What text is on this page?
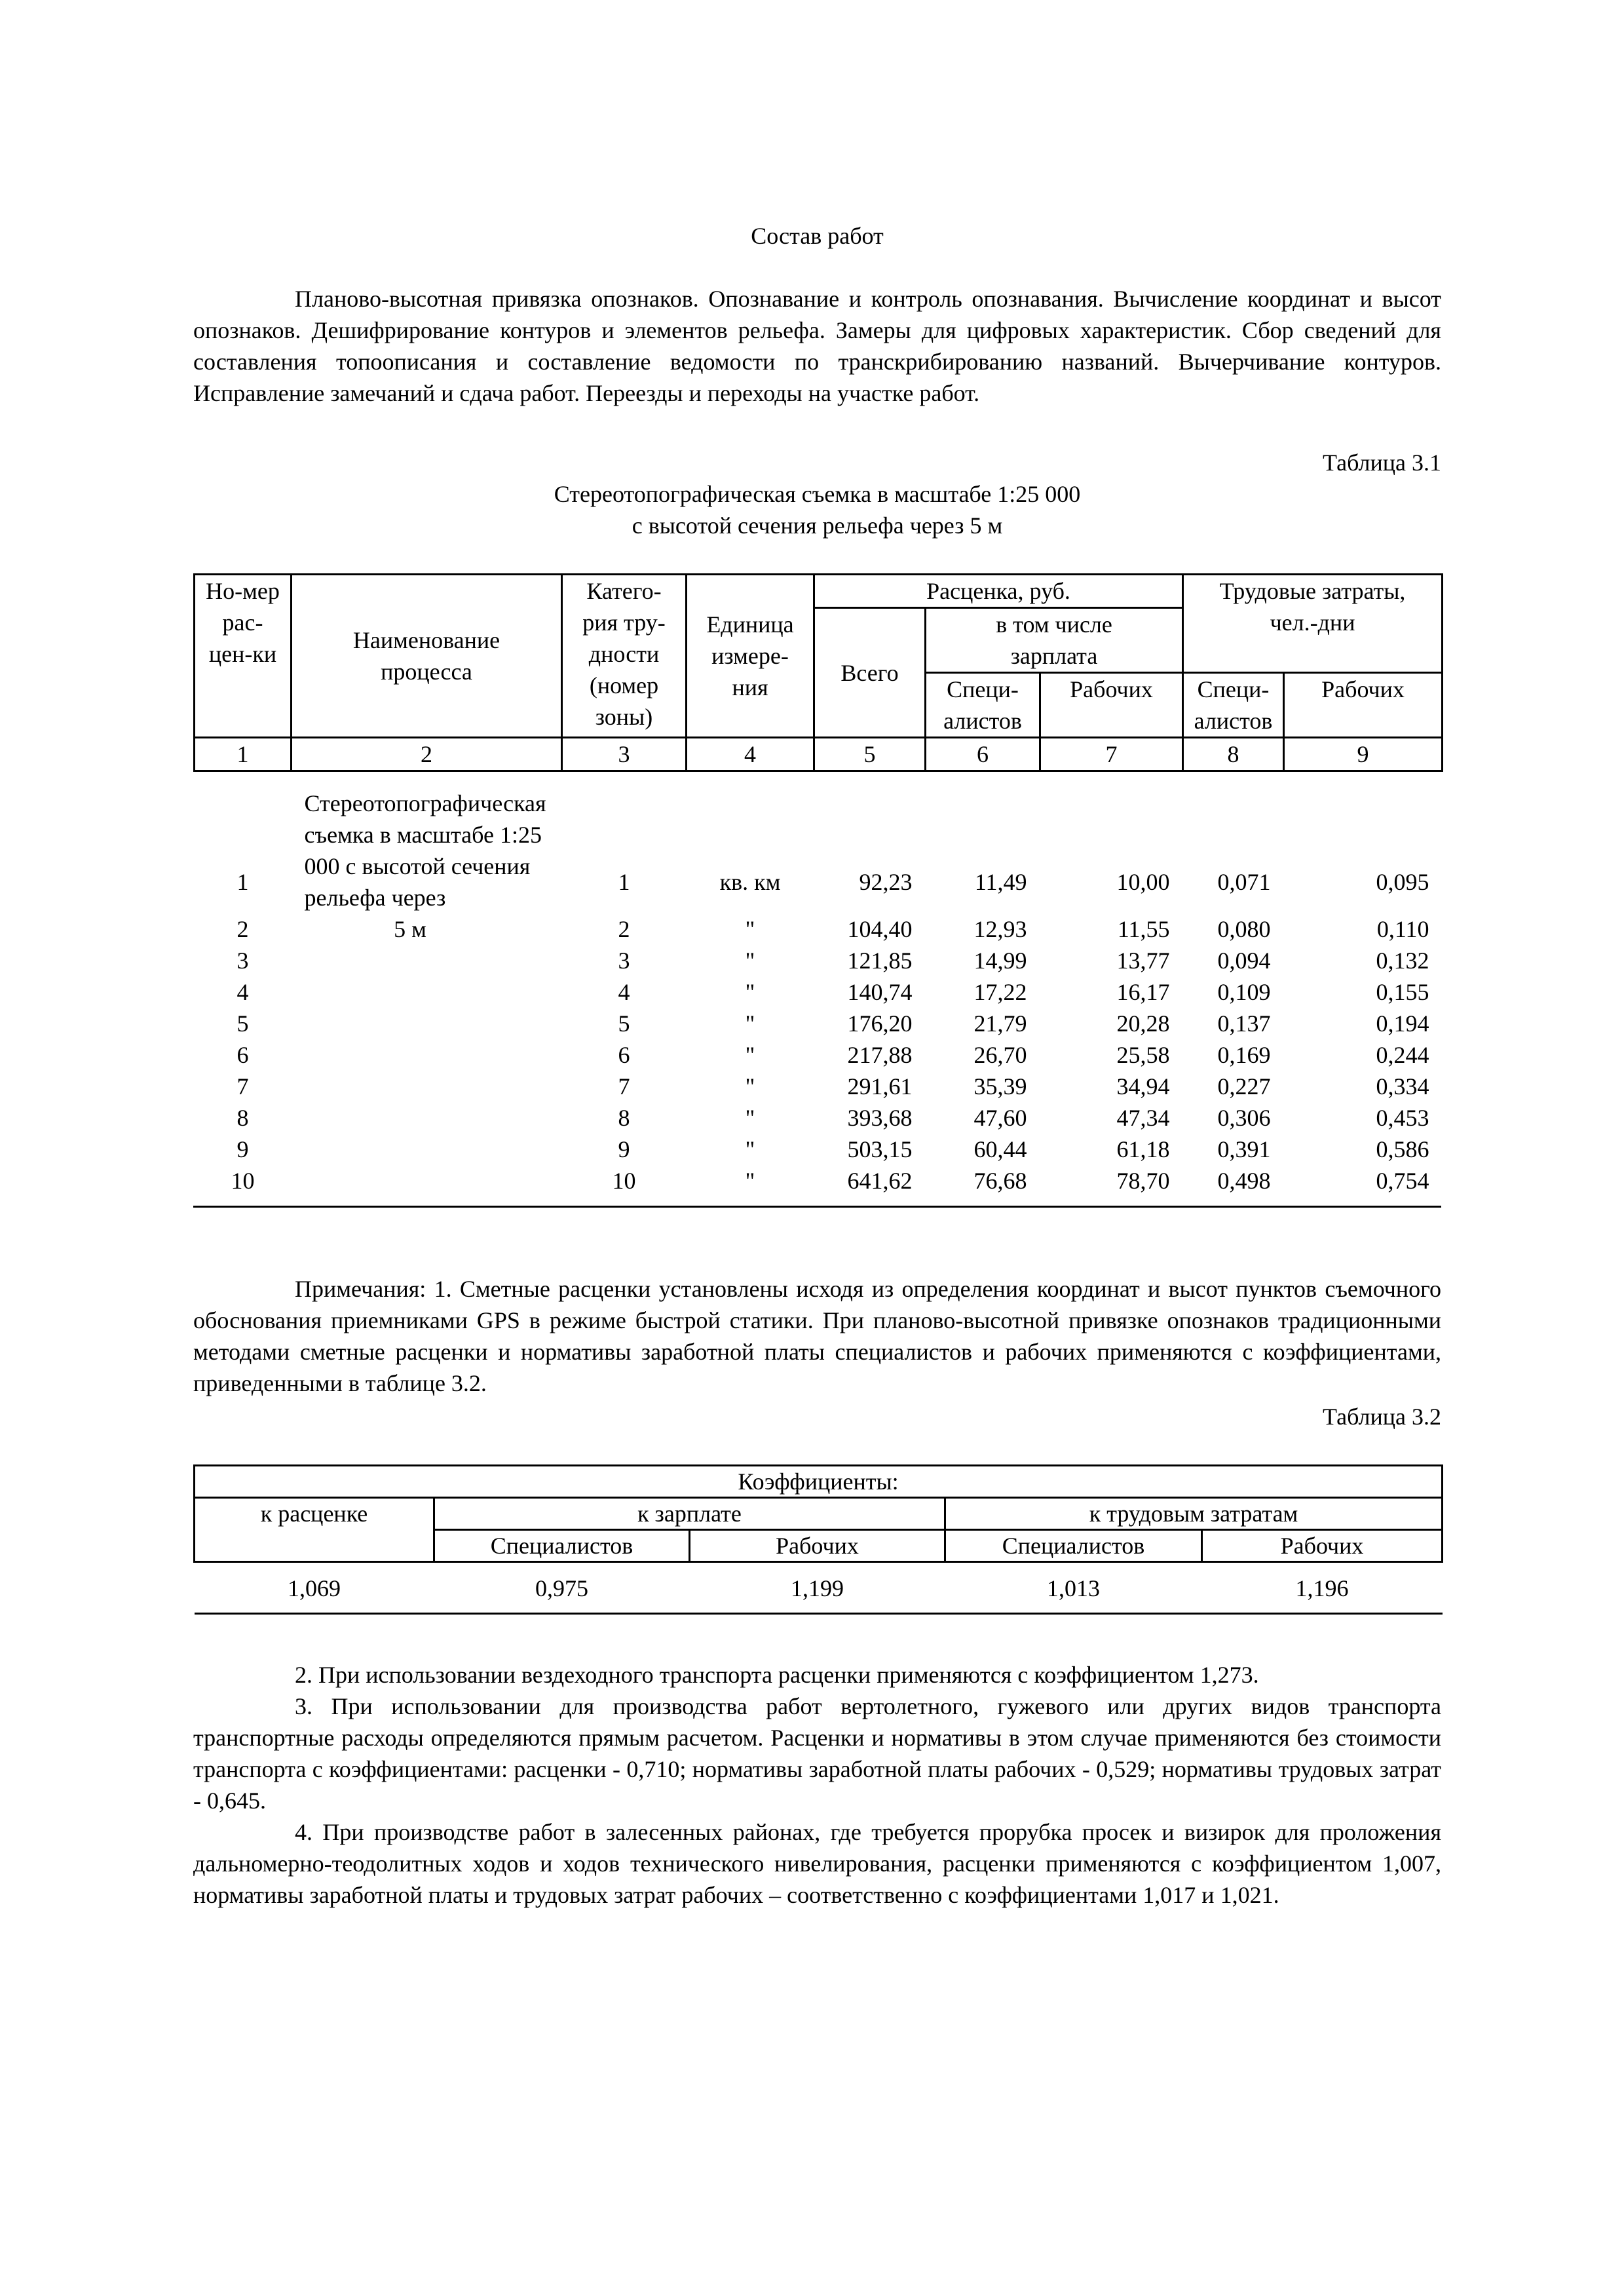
Состав работ

Планово-высотная привязка опознаков. Опознавание и контроль опознавания. Вычисление координат и высот опознаков. Дешифрирование контуров и элементов рельефа. Замеры для цифровых характеристик. Сбор сведений для составления топоописания и составление ведомости по транскрибированию названий. Вычерчивание контуров. Исправление замечаний и сдача работ. Переезды и переходы на участке работ.

Таблица 3.1
Стереотопографическая съемка в масштабе 1:25 000
с высотой сечения рельефа через 5 м
Но-мер рас-цен-ки	Наименование процесса	Катего-рия тру-дности (номер зоны)	Единица измере-ния	Расценка, руб.			Трудовые затраты, чел.-дни	
				Всего	в том числе зарплата			
					Специ-алистов	Рабочих	Специ-алистов	Рабочих
1	2	3	4	5	6	7	8	9
1	Стереотопографическая съемка в масштабе 1:25 000 с высотой сечения рельефа через	1	кв. км	92,23	11,49	10,00	0,071	0,095
2	5 м	2	"	104,40	12,93	11,55	0,080	0,110
3		3	"	121,85	14,99	13,77	0,094	0,132
4		4	"	140,74	17,22	16,17	0,109	0,155
5		5	"	176,20	21,79	20,28	0,137	0,194
6		6	"	217,88	26,70	25,58	0,169	0,244
7		7	"	291,61	35,39	34,94	0,227	0,334
8		8	"	393,68	47,60	47,34	0,306	0,453
9		9	"	503,15	60,44	61,18	0,391	0,586
10		10	"	641,62	76,68	78,70	0,498	0,754

Примечания: 1. Сметные расценки установлены исходя из определения координат и высот пунктов съемочного обоснования приемниками GPS в режиме быстрой статики. При планово-высотной привязке опознаков традиционными методами сметные расценки и нормативы заработной платы специалистов и рабочих применяются с коэффициентами, приведенными в таблице 3.2.

Таблица 3.2
Коэффициенты:				
к расценке	к зарплате		к трудовым затратам	
	Специалистов	Рабочих	Специалистов	Рабочих
1,069	0,975	1,199	1,013	1,196

2. При использовании вездеходного транспорта расценки применяются с коэффициентом 1,273.

3. При использовании для производства работ вертолетного, гужевого или других видов транспорта транспортные расходы определяются прямым расчетом. Расценки и нормативы в этом случае применяются без стоимости транспорта с коэффициентами: расценки - 0,710; нормативы заработной платы рабочих - 0,529; нормативы трудовых затрат - 0,645.

4. При производстве работ в залесенных районах, где требуется прорубка просек и визирок для проложения дальномерно-теодолитных ходов и ходов технического нивелирования, расценки применяются с коэффициентом 1,007, нормативы заработной платы и трудовых затрат рабочих – соответственно с коэффициентами 1,017 и 1,021.
